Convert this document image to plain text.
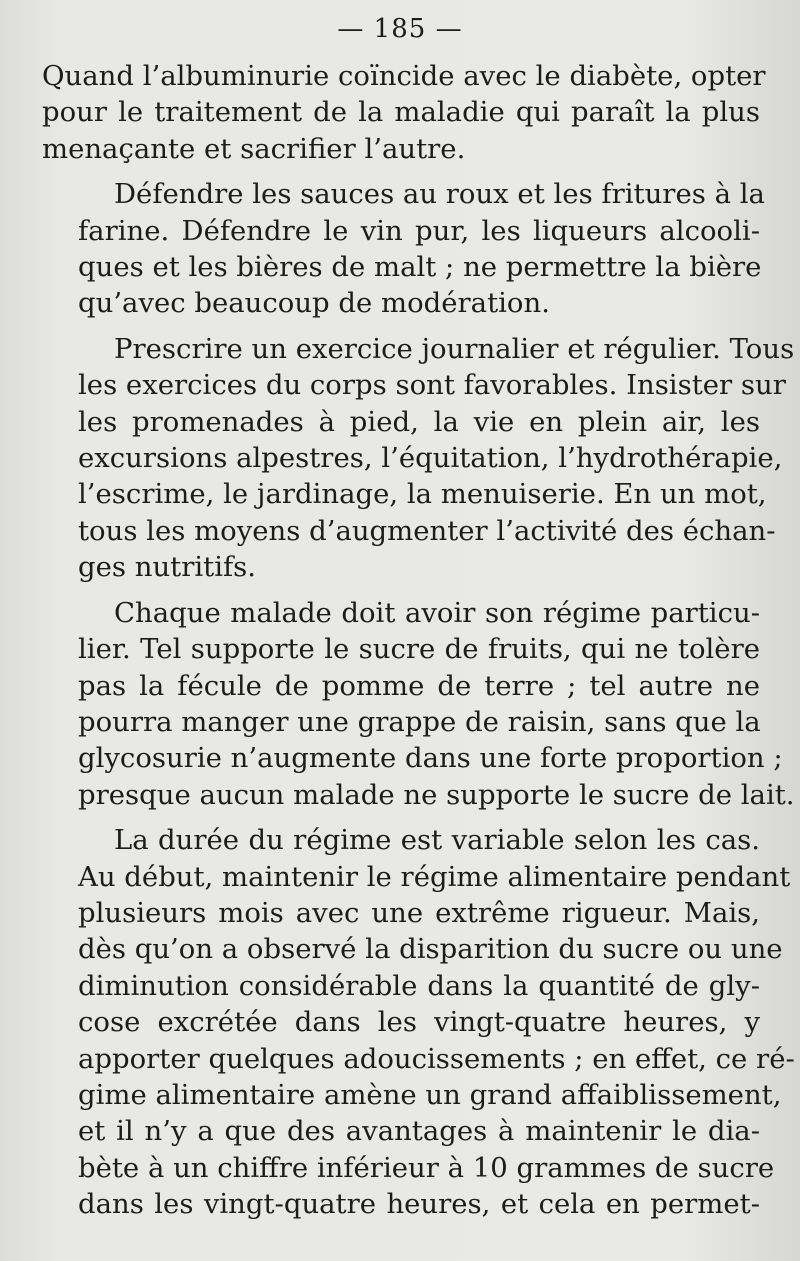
— 185 —
Quand l’albuminurie coïncide avec le diabète, opter
pour le traitement de la maladie qui paraît la plus
menaçante et sacrifier l’autre.
Défendre les sauces au roux et les fritures à la
farine. Défendre le vin pur, les liqueurs alcooli-
ques et les bières de malt ; ne permettre la bière
qu’avec beaucoup de modération.
Prescrire un exercice journalier et régulier. Tous
les exercices du corps sont favorables. Insister sur
les promenades à pied, la vie en plein air, les
excursions alpestres, l’équitation, l’hydrothérapie,
l’escrime, le jardinage, la menuiserie. En un mot,
tous les moyens d’augmenter l’activité des échan-
ges nutritifs.
Chaque malade doit avoir son régime particu-
lier. Tel supporte le sucre de fruits, qui ne tolère
pas la fécule de pomme de terre ; tel autre ne
pourra manger une grappe de raisin, sans que la
glycosurie n’augmente dans une forte proportion ;
presque aucun malade ne supporte le sucre de lait.
La durée du régime est variable selon les cas.
Au début, maintenir le régime alimentaire pendant
plusieurs mois avec une extrême rigueur. Mais,
dès qu’on a observé la disparition du sucre ou une
diminution considérable dans la quantité de gly-
cose excrétée dans les vingt-quatre heures, y
apporter quelques adoucissements ; en effet, ce ré-
gime alimentaire amène un grand affaiblissement,
et il n’y a que des avantages à maintenir le dia-
bète à un chiffre inférieur à 10 grammes de sucre
dans les vingt-quatre heures, et cela en permet-
